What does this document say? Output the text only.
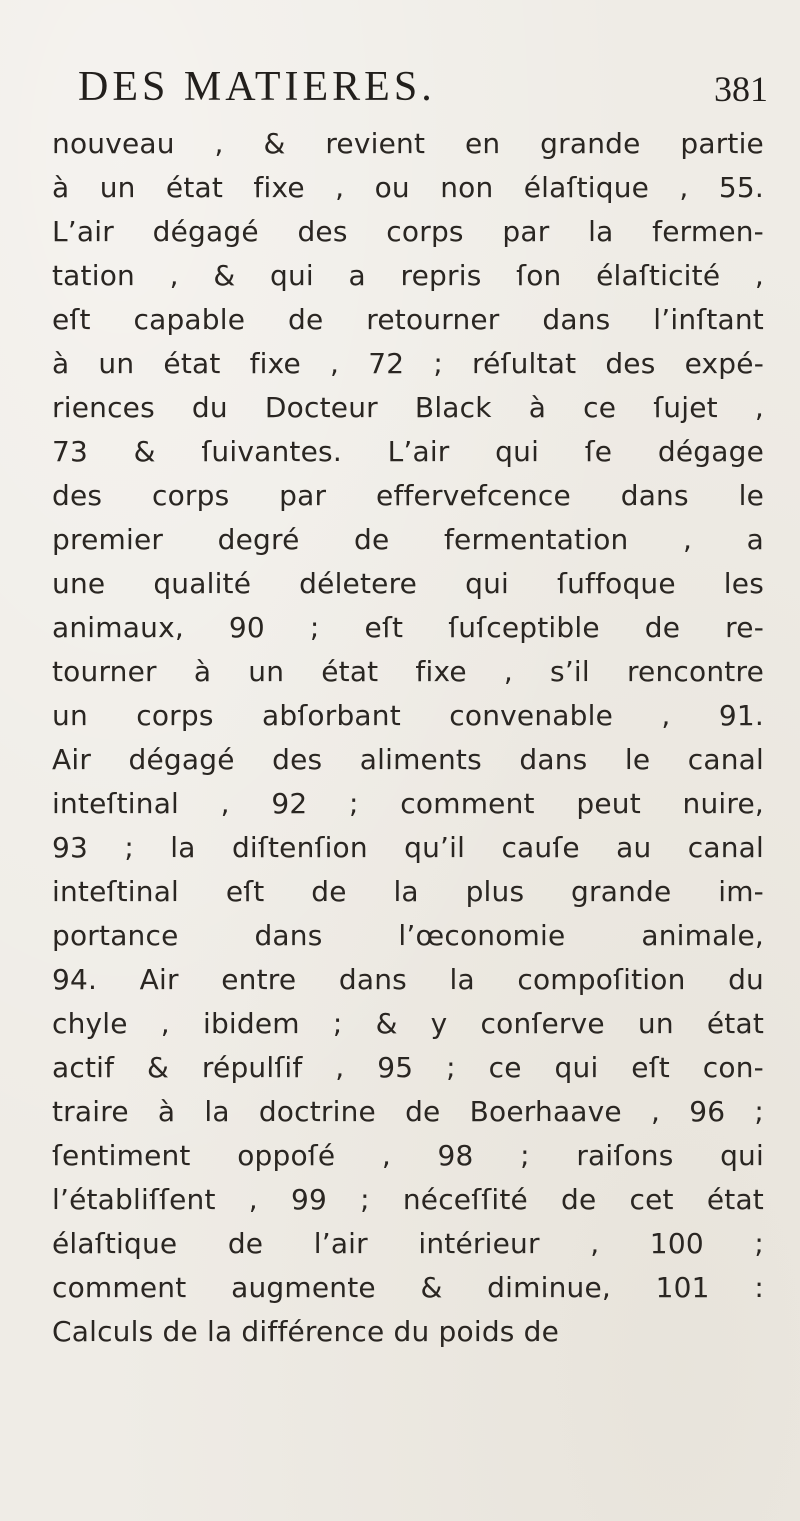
DES MATIERES.	381
nouveau , & revient en grande partie
à un état fixe , ou non élaſtique , 55.
L’air dégagé des corps par la fermen-
tation , & qui a repris ſon élaſticité ,
eſt capable de retourner dans l’inſtant
à un état fixe , 72 ; réſultat des expé-
riences du Docteur Black à ce ſujet ,
73 & ſuivantes. L’air qui ſe dégage
des corps par effervefcence dans le
premier degré de fermentation , a
une qualité déletere qui ſuffoque les
animaux, 90 ; eſt ſuſceptible de re-
tourner à un état fixe , s’il rencontre
un corps abſorbant convenable , 91.
Air dégagé des aliments dans le canal
inteſtinal , 92 ; comment peut nuire,
93 ; la diſtenſion qu’il cauſe au canal
inteſtinal eſt de la plus grande im-
portance dans l’œconomie animale,
94. Air entre dans la compoſition du
chyle , ibidem ; & y conſerve un état
actif & répulſif , 95 ; ce qui eſt con-
traire à la doctrine de Boerhaave , 96 ;
ſentiment oppoſé , 98 ; raiſons qui
l’établiſſent , 99 ; néceſſité de cet état
élaſtique de l’air intérieur , 100 ;
comment augmente & diminue, 101 :
Calculs de la différence du poids de
